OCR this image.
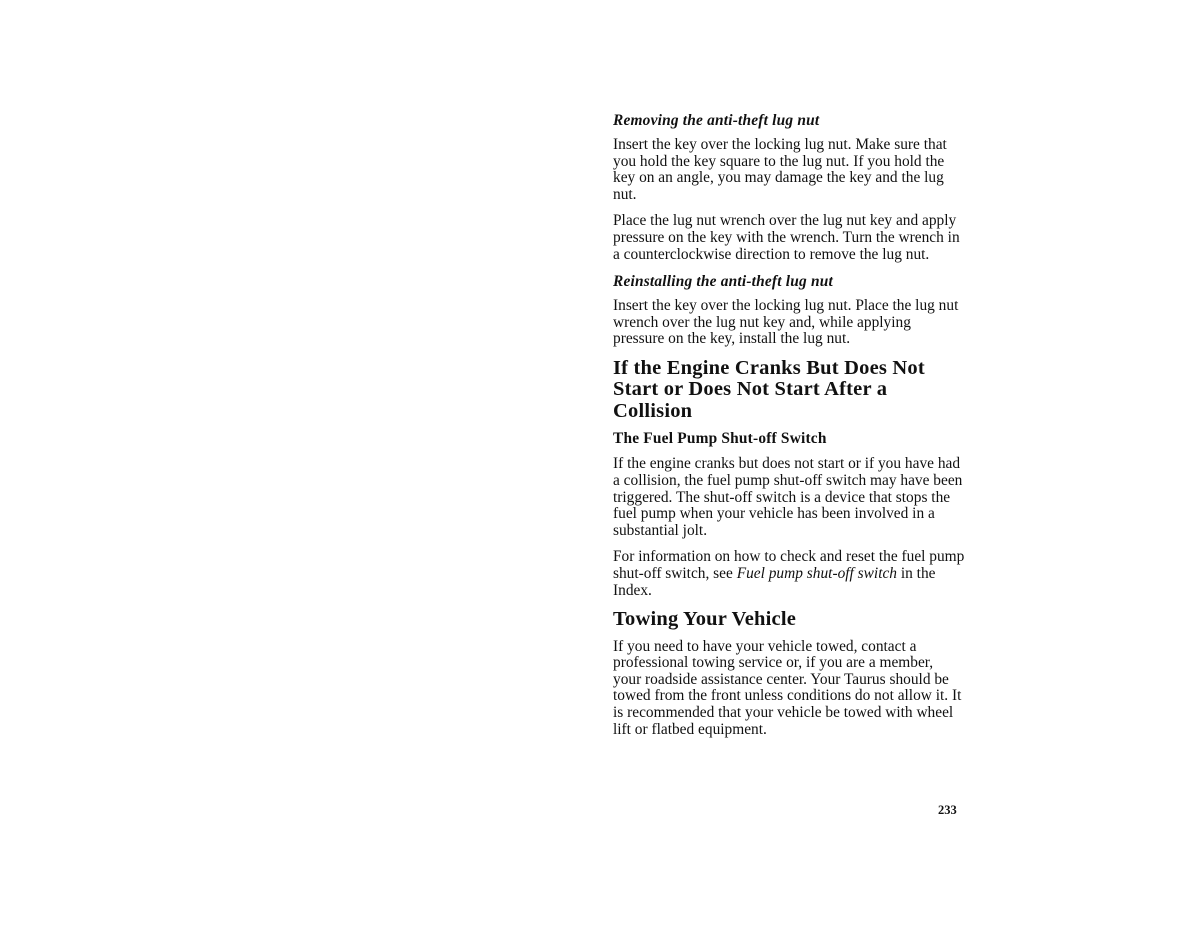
Removing the anti-theft lug nut

Insert the key over the locking lug nut. Make sure that you hold the key square to the lug nut. If you hold the key on an angle, you may damage the key and the lug nut.

Place the lug nut wrench over the lug nut key and apply pressure on the key with the wrench. Turn the wrench in a counterclockwise direction to remove the lug nut.

Reinstalling the anti-theft lug nut

Insert the key over the locking lug nut. Place the lug nut wrench over the lug nut key and, while applying pressure on the key, install the lug nut.

If the Engine Cranks But Does Not Start or Does Not Start After a Collision
The Fuel Pump Shut-off Switch

If the engine cranks but does not start or if you have had a collision, the fuel pump shut-off switch may have been triggered. The shut-off switch is a device that stops the fuel pump when your vehicle has been involved in a substantial jolt.

For information on how to check and reset the fuel pump shut-off switch, see Fuel pump shut-off switch in the Index.

Towing Your Vehicle

If you need to have your vehicle towed, contact a professional towing service or, if you are a member, your roadside assistance center. Your Taurus should be towed from the front unless conditions do not allow it. It is recommended that your vehicle be towed with wheel lift or flatbed equipment.

233
